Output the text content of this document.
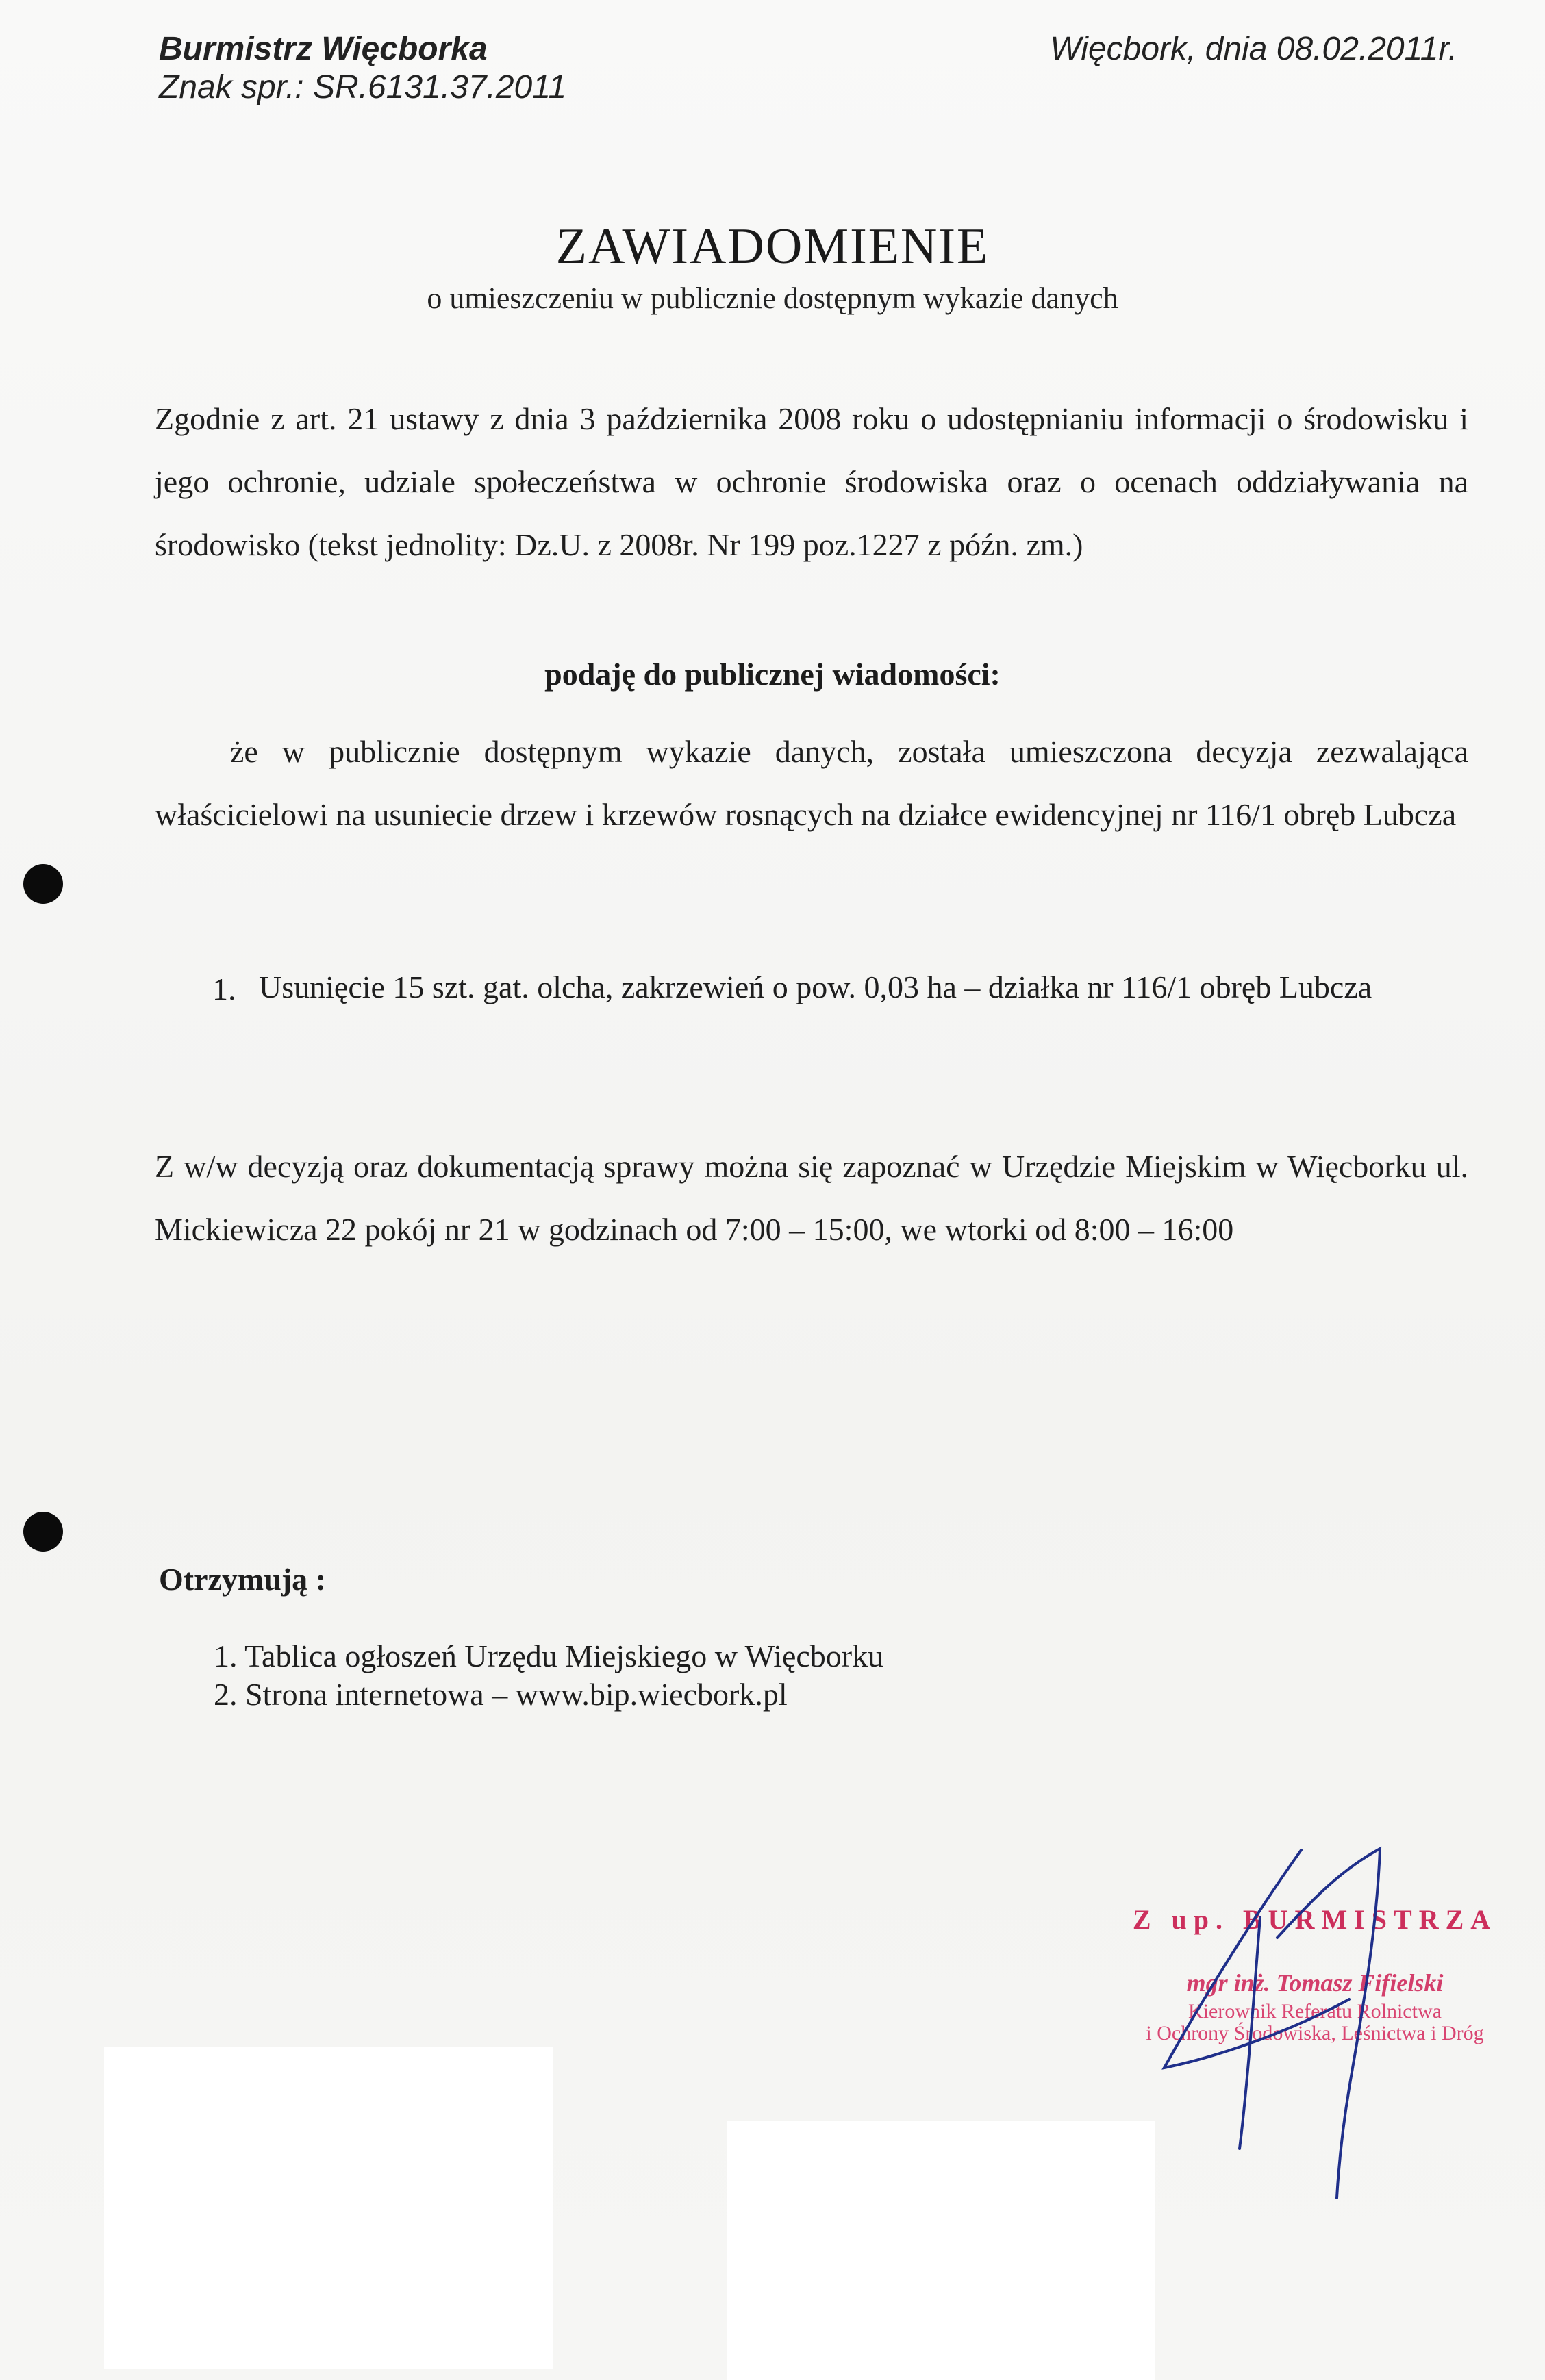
Burmistrz Więcborka
Znak spr.: SR.6131.37.2011
Więcbork, dnia 08.02.2011r.
ZAWIADOMIENIE
o umieszczeniu w publicznie dostępnym wykazie danych
Zgodnie z art. 21 ustawy z dnia 3 października 2008 roku o udostępnianiu informacji o środowisku i jego ochronie, udziale społeczeństwa w ochronie środowiska oraz o ocenach oddziaływania na środowisko (tekst jednolity: Dz.U. z 2008r. Nr 199 poz.1227 z późn. zm.)
podaję do publicznej wiadomości:
że w publicznie dostępnym wykazie danych, została umieszczona decyzja zezwalająca właścicielowi na usuniecie drzew i krzewów rosnących na działce ewidencyjnej nr 116/1 obręb Lubcza
1. Usunięcie 15 szt. gat. olcha, zakrzewień o pow. 0,03 ha – działka nr 116/1 obręb Lubcza
Z w/w decyzją oraz dokumentacją sprawy można się zapoznać w Urzędzie Miejskim w Więcborku ul. Mickiewicza 22 pokój nr 21 w godzinach od 7:00 – 15:00, we wtorki od 8:00 – 16:00
Otrzymują :
1. Tablica ogłoszeń Urzędu Miejskiego w Więcborku
2. Strona internetowa – www.bip.wiecbork.pl
Z up. BURMISTRZA
mgr inż. Tomasz Fifielski
Kierownik Referatu Rolnictwa
i Ochrony Środowiska, Leśnictwa i Dróg
